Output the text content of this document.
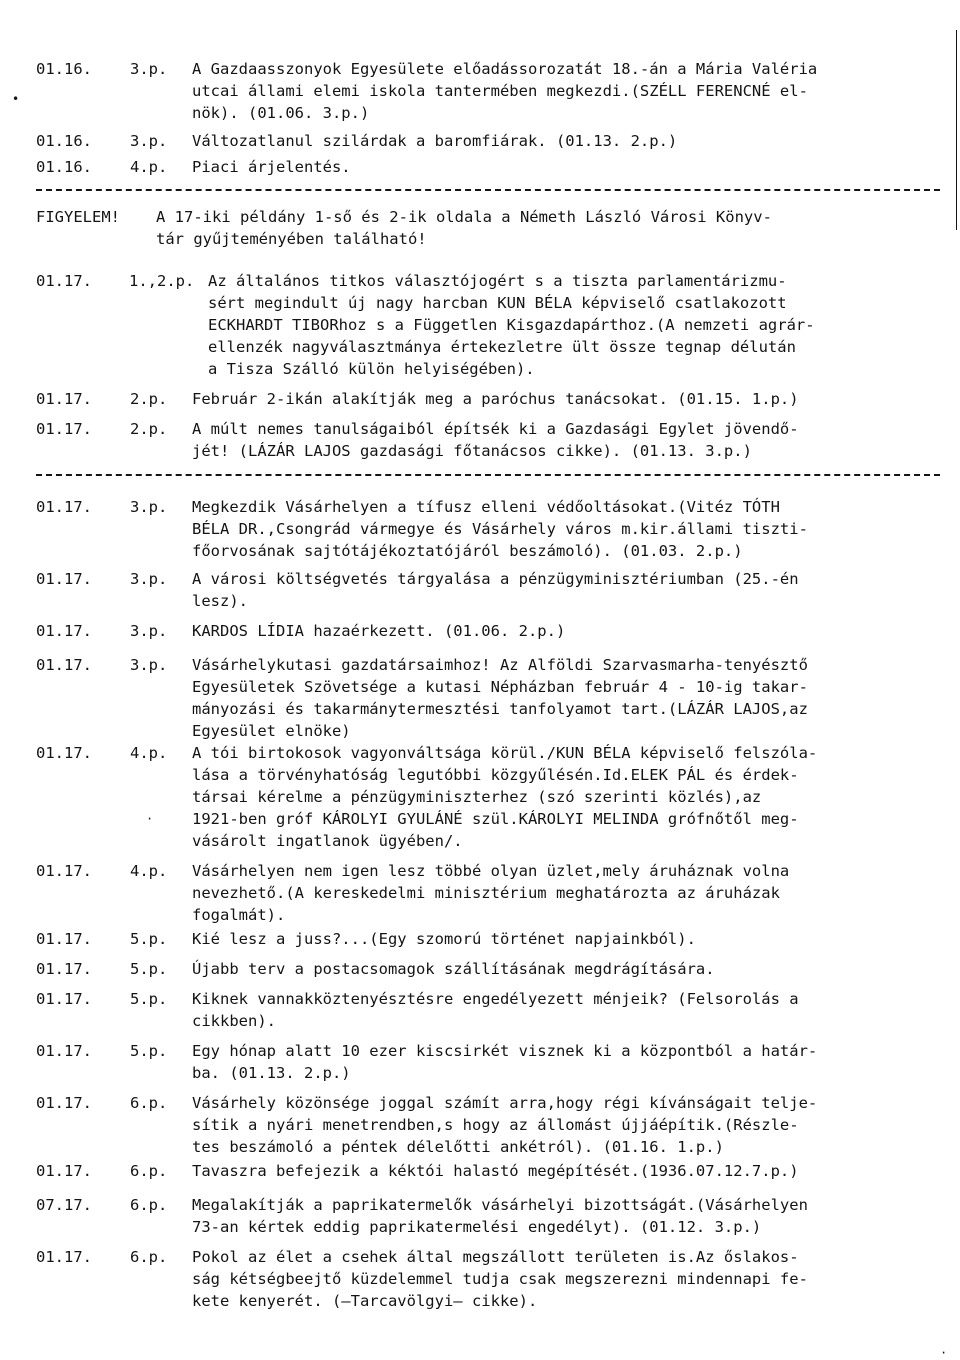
01.16. 3.p. A Gazdaasszonyok Egyesülete előadássorozatát 18.-án a Mária Valéria
utcai állami elemi iskola tantermében megkezdi.(SZÉLL FERENCNÉ el-
nök). (01.06. 3.p.)
01.16. 3.p. Változatlanul szilárdak a baromfiárak. (01.13. 2.p.)
01.16. 4.p. Piaci árjelentés.
FIGYELEM! A 17-iki példány 1-ső és 2-ik oldala a Németh László Városi Könyv-
tár gyűjteményében található!
01.17. 1.,2.p. Az általános titkos választójogért s a tiszta parlamentárizmu-
sért megindult új nagy harcban KUN BÉLA képviselő csatlakozott
ECKHARDT TIBORhoz s a Független Kisgazdapárthoz.(A nemzeti agrár-
ellenzék nagyválasztmánya értekezletre ült össze tegnap délután
a Tisza Szálló külön helyiségében).
01.17. 2.p. Február 2-ikán alakítják meg a paróchus tanácsokat. (01.15. 1.p.)
01.17. 2.p. A múlt nemes tanulságaiból építsék ki a Gazdasági Egylet jövendő-
jét! (LÁZÁR LAJOS gazdasági főtanácsos cikke). (01.13. 3.p.)
01.17. 3.p. Megkezdik Vásárhelyen a tífusz elleni védőoltásokat.(Vitéz TÓTH
BÉLA DR.,Csongrád vármegye és Vásárhely város m.kir.állami tiszti-
főorvosának sajtótájékoztatójáról beszámoló). (01.03. 2.p.)
01.17. 3.p. A városi költségvetés tárgyalása a pénzügyminisztériumban (25.-én
lesz).
01.17. 3.p. KARDOS LÍDIA hazaérkezett. (01.06. 2.p.)
01.17. 3.p. Vásárhelykutasi gazdatársaimhoz! Az Alföldi Szarvasmarha-tenyésztő
Egyesületek Szövetsége a kutasi Népházban február 4 - 10-ig takar-
mányozási és takarmánytermesztési tanfolyamot tart.(LÁZÁR LAJOS,az
Egyesület elnöke)
01.17. 4.p. A tói birtokosok vagyonváltsága körül./KUN BÉLA képviselő felszóla-
lása a törvényhatóság legutóbbi közgyűlésén.Id.ELEK PÁL és érdek-
társai kérelme a pénzügyminiszterhez (szó szerinti közlés),az
1921-ben gróf KÁROLYI GYULÁNÉ szül.KÁROLYI MELINDA grófnőtől meg-
vásárolt ingatlanok ügyében/.
01.17. 4.p. Vásárhelyen nem igen lesz többé olyan üzlet,mely áruháznak volna
nevezhető.(A kereskedelmi minisztérium meghatározta az áruházak
fogalmát).
01.17. 5.p. Kié lesz a juss?...(Egy szomorú történet napjainkból).
01.17. 5.p. Újabb terv a postacsomagok szállításának megdrágítására.
01.17. 5.p. Kiknek vannakköztenyésztésre engedélyezett ménjeik? (Felsorolás a
cikkben).
01.17. 5.p. Egy hónap alatt 10 ezer kiscsirkét visznek ki a központból a határ-
ba. (01.13. 2.p.)
01.17. 6.p. Vásárhely közönsége joggal számít arra,hogy régi kívánságait telje-
sítik a nyári menetrendben,s hogy az állomást újjáépítik.(Részle-
tes beszámoló a péntek délelőtti ankétról). (01.16. 1.p.)
01.17. 6.p. Tavaszra befejezik a kéktói halastó megépítését.(1936.07.12.7.p.)
07.17. 6.p. Megalakítják a paprikatermelők vásárhelyi bizottságát.(Vásárhelyen
73-an kértek eddig paprikatermelési engedélyt). (01.12. 3.p.)
01.17. 6.p. Pokol az élet a csehek által megszállott területen is.Az őslakos-
ság kétségbeejtő küzdelemmel tudja csak megszerezni mindennapi fe-
kete kenyerét. (—Tarcavölgyi— cikke).
•
·
·
